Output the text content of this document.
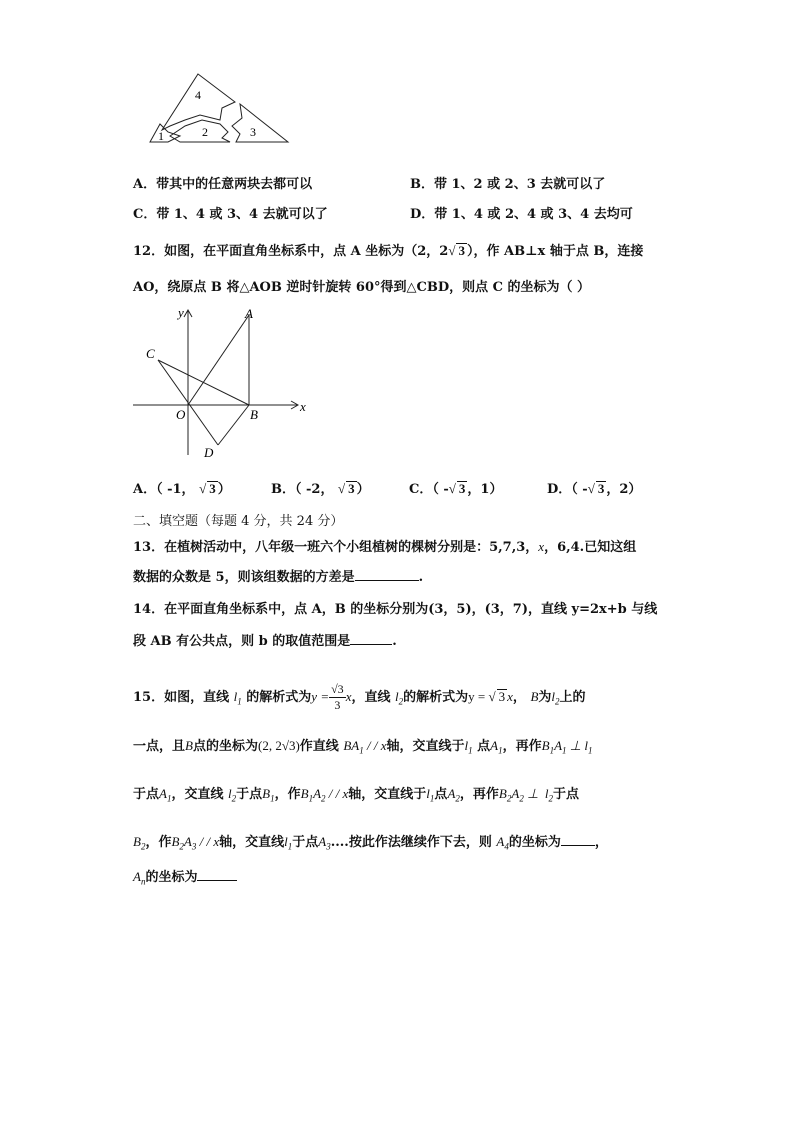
4
1	2	3
A．带其中的任意两块去都可以	B．带 1、2 或 2、3 去就可以了
C．带 1、4 或 3、4 去就可以了	D．带 1、4 或 2、4 或 3、4 去均可
12．如图，在平面直角坐标系中，点 A 坐标为（2，2√ 3 ），作 AB⊥x 轴于点 B，连接
AO，绕原点 B 将△AOB 逆时针旋转 60°得到△CBD，则点 C 的坐标为（ ）
y
x
A
B
C
O
D
A．（ -1， √ 3 ）	B．（ -2， √ 3 ）	C．（ -√ 3 ，1）	D．（ -√ 3 ，2）
二、填空题（每题 4 分，共 24 分）
13．在植树活动中，八年级一班六个小组植树的棵树分别是：5,7,3，x，6,4.已知这组
数据的众数是 5，则该组数据的方差是	.
14．在平面直角坐标系中，点 A，B 的坐标分别为(3，5)，(3，7)，直线 y=2x+b 与线
段 AB 有公共点，则 b 的取值范围是	.
15．如图，直线 $l_1$ 的解析式为$y = \frac{√3}{3}$ x，直线 $l_2$的解析式为y = √ 3 x， B为$l_2$上的
一点，且B点的坐标为(2, 2√3)作直线 $BA_1$ / / x轴，交直线于$l_1$ 点$A_1$，再作$B_1A_1$ ⊥ $l_1$
于点$A_1$，交直线 $l_2$于点$B_1$，作$B_1A_2$ / / x轴，交直线于$l_1$点$A_2$，再作$B_2A_2$ ⊥  $l_2$于点
$B_2$，作$B_2A_3$ / / x轴，交直线$l_1$于点$A_3$....按此作法继续作下去，则 $A_4$的坐标为	，
$A_n$的坐标为
